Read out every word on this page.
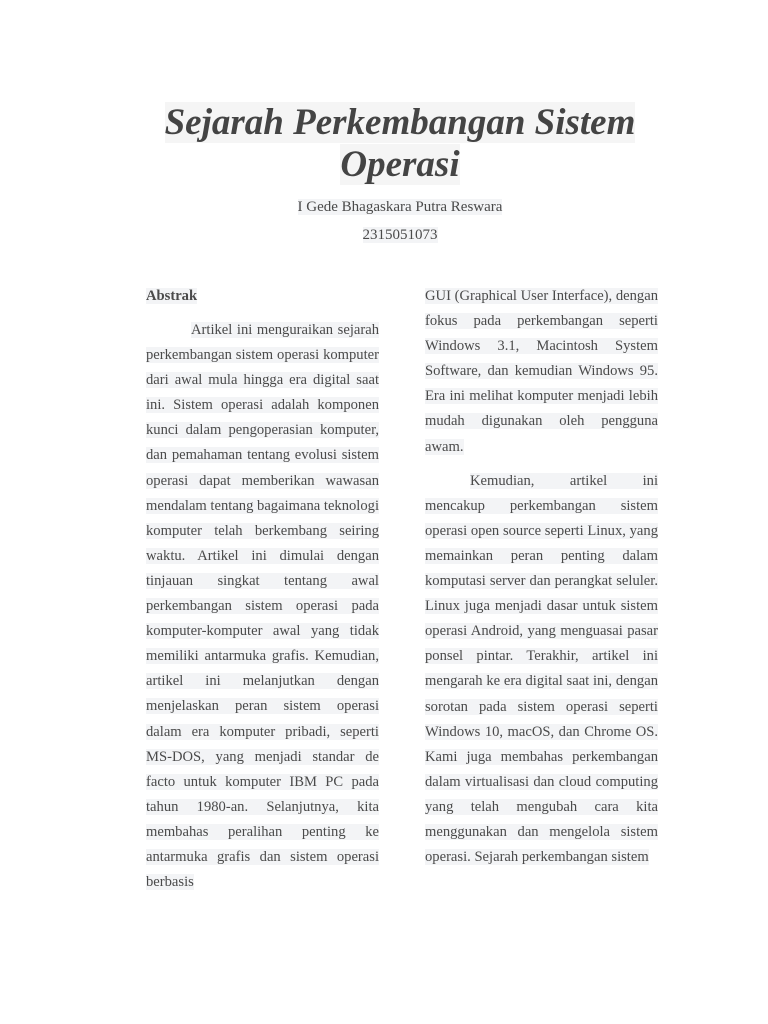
Sejarah Perkembangan Sistem Operasi
I Gede Bhagaskara Putra Reswara
2315051073
Abstrak

Artikel ini menguraikan sejarah perkembangan sistem operasi komputer dari awal mula hingga era digital saat ini. Sistem operasi adalah komponen kunci dalam pengoperasian komputer, dan pemahaman tentang evolusi sistem operasi dapat memberikan wawasan mendalam tentang bagaimana teknologi komputer telah berkembang seiring waktu. Artikel ini dimulai dengan tinjauan singkat tentang awal perkembangan sistem operasi pada komputer-komputer awal yang tidak memiliki antarmuka grafis. Kemudian, artikel ini melanjutkan dengan menjelaskan peran sistem operasi dalam era komputer pribadi, seperti MS-DOS, yang menjadi standar de facto untuk komputer IBM PC pada tahun 1980-an. Selanjutnya, kita membahas peralihan penting ke antarmuka grafis dan sistem operasi berbasis

GUI (Graphical User Interface), dengan fokus pada perkembangan seperti Windows 3.1, Macintosh System Software, dan kemudian Windows 95. Era ini melihat komputer menjadi lebih mudah digunakan oleh pengguna awam.

Kemudian, artikel ini mencakup perkembangan sistem operasi open source seperti Linux, yang memainkan peran penting dalam komputasi server dan perangkat seluler. Linux juga menjadi dasar untuk sistem operasi Android, yang menguasai pasar ponsel pintar. Terakhir, artikel ini mengarah ke era digital saat ini, dengan sorotan pada sistem operasi seperti Windows 10, macOS, dan Chrome OS. Kami juga membahas perkembangan dalam virtualisasi dan cloud computing yang telah mengubah cara kita menggunakan dan mengelola sistem operasi. Sejarah perkembangan sistem
